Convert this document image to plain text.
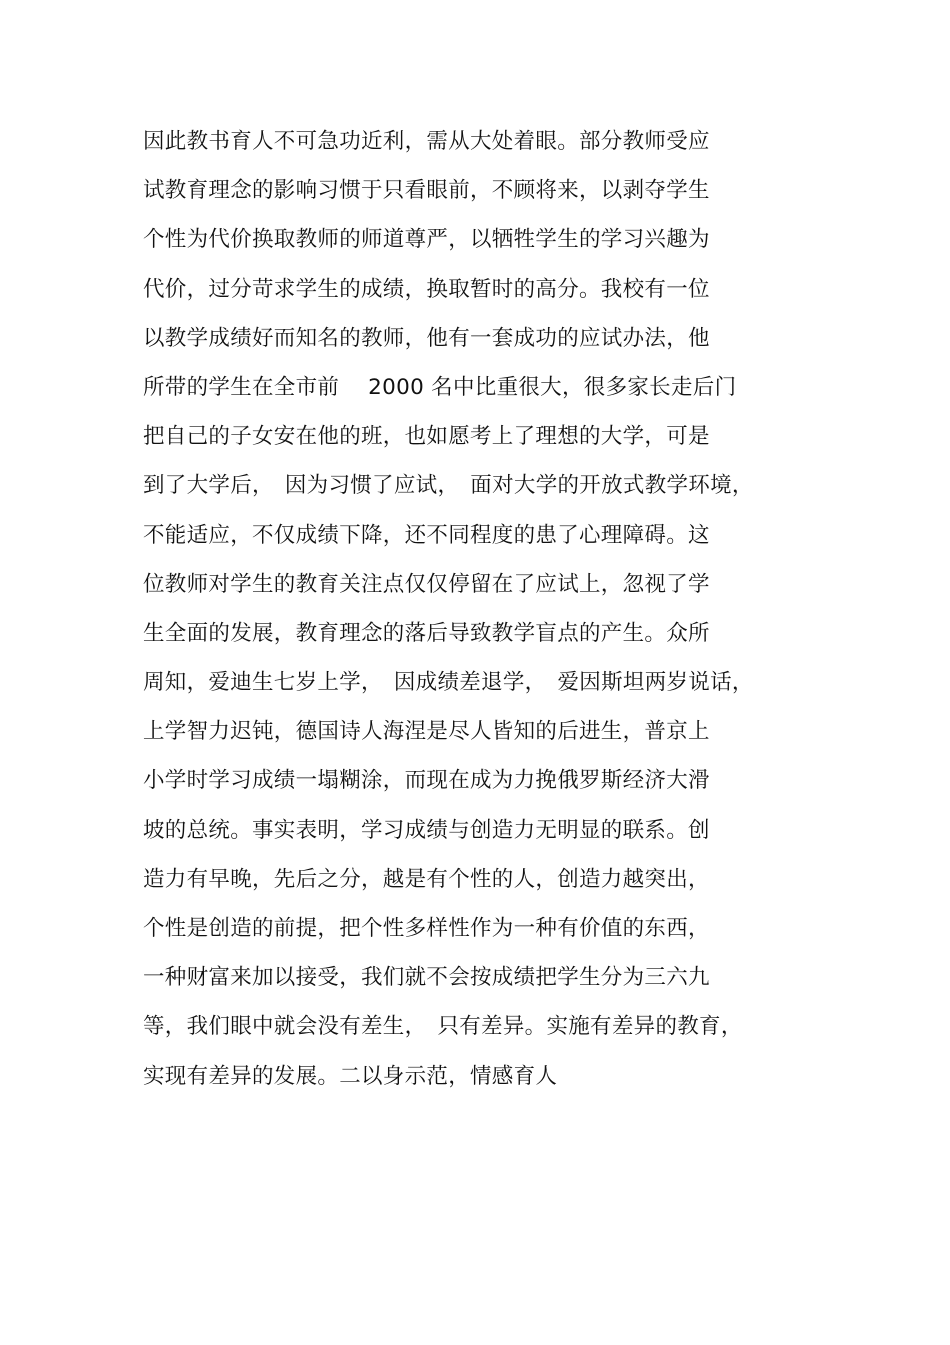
因此教书育人不可急功近利，需从大处着眼。部分教师受应
试教育理念的影响习惯于只看眼前，不顾将来，以剥夺学生
个性为代价换取教师的师道尊严，以牺牲学生的学习兴趣为
代价，过分苛求学生的成绩，换取暂时的高分。我校有一位
以教学成绩好而知名的教师，他有一套成功的应试办法，他
所带的学生在全市前　 2000 名中比重很大，很多家长走后门
把自己的子女安在他的班，也如愿考上了理想的大学，可是
到了大学后，　因为习惯了应试，　面对大学的开放式教学环境，
不能适应，不仅成绩下降，还不同程度的患了心理障碍。这
位教师对学生的教育关注点仅仅停留在了应试上，忽视了学
生全面的发展，教育理念的落后导致教学盲点的产生。众所
周知，爱迪生七岁上学，　因成绩差退学，　爱因斯坦两岁说话，
上学智力迟钝，德国诗人海涅是尽人皆知的后进生，普京上
小学时学习成绩一塌糊涂，而现在成为力挽俄罗斯经济大滑
坡的总统。事实表明，学习成绩与创造力无明显的联系。创
造力有早晚，先后之分，越是有个性的人，创造力越突出，
个性是创造的前提，把个性多样性作为一种有价值的东西，
一种财富来加以接受，我们就不会按成绩把学生分为三六九
等，我们眼中就会没有差生，　只有差异。实施有差异的教育，
实现有差异的发展。二以身示范，情感育人
